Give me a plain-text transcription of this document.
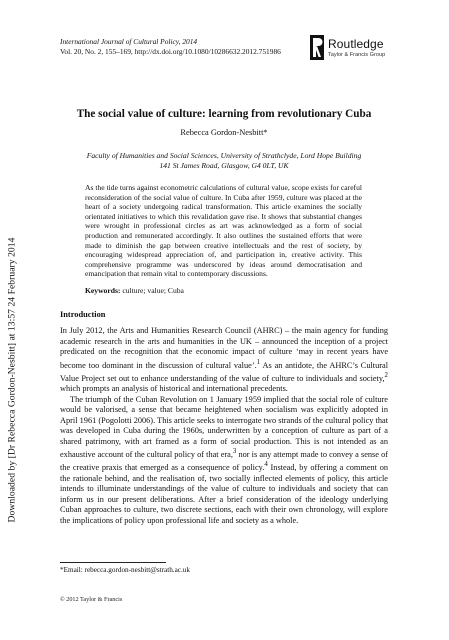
Downloaded by [Dr Rebecca Gordon-Nesbitt] at 13:57 24 February 2014
International Journal of Cultural Policy, 2014
Vol. 20, No. 2, 155–169, http://dx.doi.org/10.1080/10286632.2012.751986
Routledge
Taylor & Francis Group
The social value of culture: learning from revolutionary Cuba
Rebecca Gordon-Nesbitt*
Faculty of Humanities and Social Sciences, University of Strathclyde, Lord Hope Building
141 St James Road, Glasgow, G4 0LT, UK

As the tide turns against econometric calculations of cultural value, scope exists for careful reconsideration of the social value of culture. In Cuba after 1959, culture was placed at the heart of a society undergoing radical transformation. This article examines the socially orientated initiatives to which this revalidation gave rise. It shows that substantial changes were wrought in professional circles as art was acknowledged as a form of social production and remunerated accordingly. It also outlines the sustained efforts that were made to diminish the gap between creative intellectuals and the rest of society, by encouraging widespread appreciation of, and participation in, creative activity. This comprehensive programme was underscored by ideas around democratisation and emancipation that remain vital to contemporary discussions.

Keywords: culture; value; Cuba
Introduction

In July 2012, the Arts and Humanities Research Council (AHRC) – the main agency for funding academic research in the arts and humanities in the UK – announced the inception of a project predicated on the recognition that the economic impact of culture ‘may in recent years have become too dominant in the discussion of cultural value’.$^1$ As an antidote, the AHRC’s Cultural Value Project set out to enhance understanding of the value of culture to individuals and society,$^2$ which prompts an analysis of historical and international precedents.

The triumph of the Cuban Revolution on 1 January 1959 implied that the social role of culture would be valorised, a sense that became heightened when socialism was explicitly adopted in April 1961 (Pogolotti 2006). This article seeks to interrogate two strands of the cultural policy that was developed in Cuba during the 1960s, underwritten by a conception of culture as part of a shared patrimony, with art framed as a form of social production. This is not intended as an exhaustive account of the cultural policy of that era,$^3$ nor is any attempt made to convey a sense of the creative praxis that emerged as a consequence of policy.$^4$ Instead, by offering a comment on the rationale behind, and the realisation of, two socially inflected elements of policy, this article intends to illuminate understandings of the value of culture to individuals and society that can inform us in our present deliberations. After a brief consideration of the ideology underlying Cuban approaches to culture, two discrete sections, each with their own chronology, will explore the implications of policy upon professional life and society as a whole.

*Email: rebecca.gordon-nesbitt@strath.ac.uk
© 2012 Taylor & Francis
